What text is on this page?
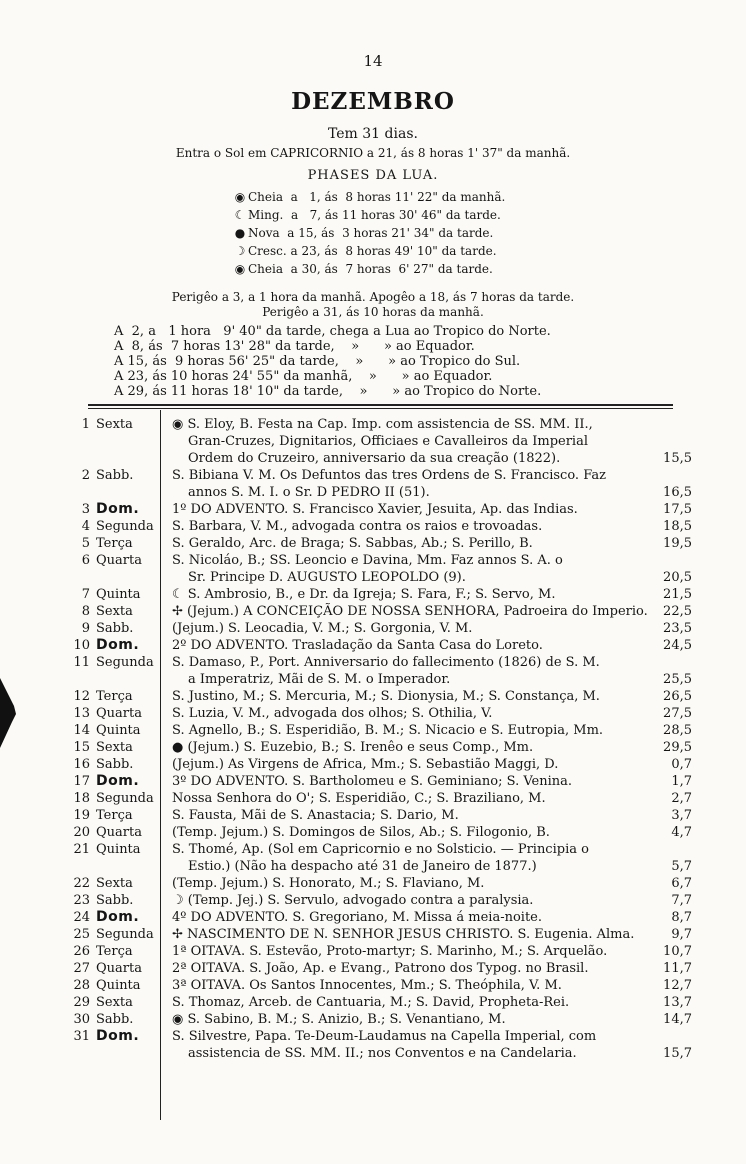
14
DEZEMBRO
Tem 31 dias.
Entra o Sol em CAPRICORNIO a 21, ás 8 horas 1' 37" da manhã.
PHASES DA LUA.
◉ Cheia  a   1, ás  8 horas 11' 22" da manhã.
☾ Ming.  a   7, ás 11 horas 30' 46" da tarde.
● Nova  a 15, ás  3 horas 21' 34" da tarde.
☽ Cresc. a 23, ás  8 horas 49' 10" da tarde.
◉ Cheia  a 30, ás  7 horas  6' 27" da tarde.
Perigêo a 3, a 1 hora da manhã. Apogêo a 18, ás 7 horas da tarde.
Perigêo a 31, ás 10 horas da manhã.
A  2, a   1 hora   9' 40" da tarde, chega a Lua ao Tropico do Norte.
A  8, ás  7 horas 13' 28" da tarde,    »      » ao Equador.
A 15, ás  9 horas 56' 25" da tarde,    »      » ao Tropico do Sul.
A 23, ás 10 horas 24' 55" da manhã,    »      » ao Equador.
A 29, ás 11 horas 18' 10" da tarde,    »      » ao Tropico do Norte.
1 Sexta	◉ S. Eloy, B. Festa na Cap. Imp. com assistencia de SS. MM. II.,
Gran-Cruzes, Dignitarios, Officiaes e Cavalleiros da Imperial
Ordem do Cruzeiro, anniversario da sua creação (1822).	15,5
2 Sabb.	S. Bibiana V. M. Os Defuntos das tres Ordens de S. Francisco. Faz
annos S. M. I. o Sr. D PEDRO II (51).	16,5
3 Dom.	1º DO ADVENTO. S. Francisco Xavier, Jesuita, Ap. das Indias.	17,5
4 Segunda	S. Barbara, V. M., advogada contra os raios e trovoadas.	18,5
5 Terça	S. Geraldo, Arc. de Braga; S. Sabbas, Ab.; S. Perillo, B.	19,5
6 Quarta	S. Nicoláo, B.; SS. Leoncio e Davina, Mm. Faz annos S. A. o
Sr. Principe D. AUGUSTO LEOPOLDO (9).	20,5
7 Quinta	☾ S. Ambrosio, B., e Dr. da Igreja; S. Fara, F.; S. Servo, M.	21,5
8 Sexta	✢ (Jejum.) A CONCEIÇÃO DE NOSSA SENHORA, Padroeira do Imperio.	22,5
9 Sabb.	(Jejum.) S. Leocadia, V. M.; S. Gorgonia, V. M.	23,5
10 Dom.	2º DO ADVENTO. Trasladação da Santa Casa do Loreto.	24,5
11 Segunda	S. Damaso, P., Port. Anniversario do fallecimento (1826) de S. M.
a Imperatriz, Mãi de S. M. o Imperador.	25,5
12 Terça	S. Justino, M.; S. Mercuria, M.; S. Dionysia, M.; S. Constança, M.	26,5
13 Quarta	S. Luzia, V. M., advogada dos olhos; S. Othilia, V.	27,5
14 Quinta	S. Agnello, B.; S. Esperidião, B. M.; S. Nicacio e S. Eutropia, Mm.	28,5
15 Sexta	● (Jejum.) S. Euzebio, B.; S. Irenêo e seus Comp., Mm.	29,5
16 Sabb.	(Jejum.) As Virgens de Africa, Mm.; S. Sebastião Maggi, D.	0,7
17 Dom.	3º DO ADVENTO. S. Bartholomeu e S. Geminiano; S. Venina.	1,7
18 Segunda	Nossa Senhora do O'; S. Esperidião, C.; S. Braziliano, M.	2,7
19 Terça	S. Fausta, Mãi de S. Anastacia; S. Dario, M.	3,7
20 Quarta	(Temp. Jejum.) S. Domingos de Silos, Ab.; S. Filogonio, B.	4,7
21 Quinta	S. Thomé, Ap. (Sol em Capricornio e no Solsticio. — Principia o
Estio.) (Não ha despacho até 31 de Janeiro de 1877.)	5,7
22 Sexta	(Temp. Jejum.) S. Honorato, M.; S. Flaviano, M.	6,7
23 Sabb.	☽ (Temp. Jej.) S. Servulo, advogado contra a paralysia.	7,7
24 Dom.	4º DO ADVENTO. S. Gregoriano, M. Missa á meia-noite.	8,7
25 Segunda	✢ NASCIMENTO DE N. SENHOR JESUS CHRISTO. S. Eugenia. Alma.	9,7
26 Terça	1ª OITAVA. S. Estevão, Proto-martyr; S. Marinho, M.; S. Arquelão.	10,7
27 Quarta	2ª OITAVA. S. João, Ap. e Evang., Patrono dos Typog. no Brasil.	11,7
28 Quinta	3ª OITAVA. Os Santos Innocentes, Mm.; S. Theóphila, V. M.	12,7
29 Sexta	S. Thomaz, Arceb. de Cantuaria, M.; S. David, Propheta-Rei.	13,7
30 Sabb.	◉ S. Sabino, B. M.; S. Anizio, B.; S. Venantiano, M.	14,7
31 Dom.	S. Silvestre, Papa. Te-Deum-Laudamus na Capella Imperial, com
assistencia de SS. MM. II.; nos Conventos e na Candelaria.	15,7
